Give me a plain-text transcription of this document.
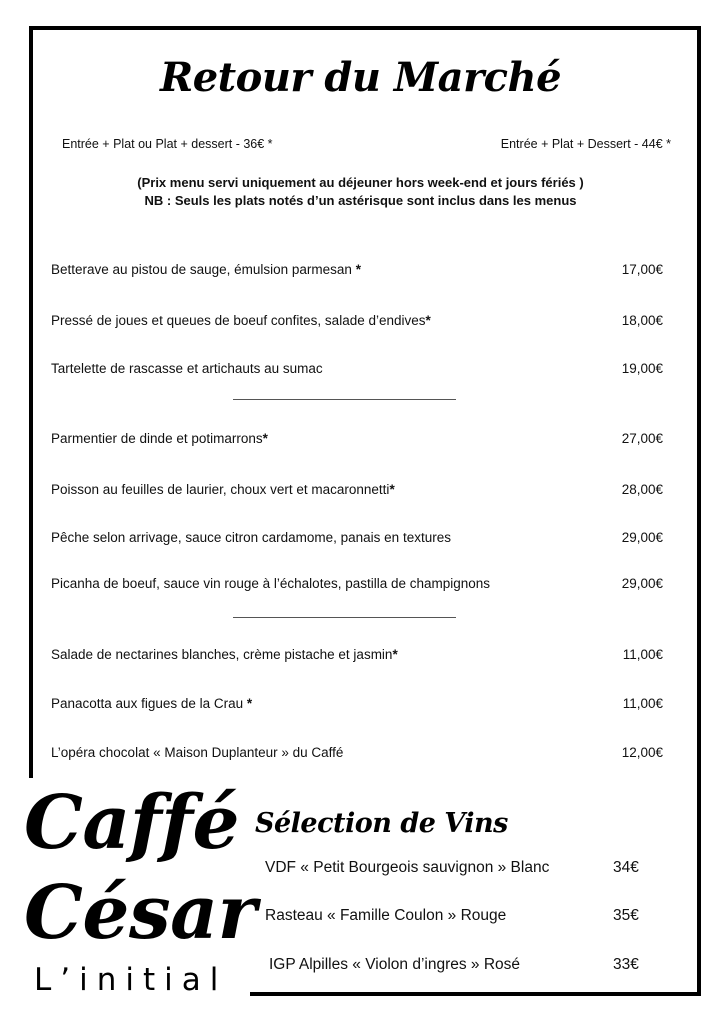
Retour du Marché
Entrée + Plat ou Plat + dessert - 36€ *	Entrée + Plat + Dessert - 44€ *
(Prix menu servi uniquement au déjeuner hors week-end et jours fériés )
NB : Seuls les plats notés d’un astérisque sont inclus dans les menus
Betterave au pistou de sauge, émulsion parmesan *	17,00€
Pressé de joues et queues de boeuf confites, salade d’endives*	18,00€
Tartelette de rascasse et artichauts au sumac	19,00€
Parmentier de dinde et potimarrons*	27,00€
Poisson au feuilles de laurier, choux vert et macaronnetti*	28,00€
Pêche selon arrivage, sauce citron cardamome, panais en textures	29,00€
Picanha de boeuf, sauce vin rouge à l’échalotes, pastilla de champignons	29,00€
Salade de nectarines blanches, crème pistache et jasmin*	11,00€
Panacotta aux figues de la Crau *	11,00€
L’opéra chocolat « Maison Duplanteur » du Caffé	12,00€
Caffé
César
L’initial
Sélection de Vins
VDF « Petit Bourgeois sauvignon » Blanc	34€
Rasteau « Famille Coulon » Rouge	35€
IGP Alpilles « Violon d’ingres » Rosé	33€
